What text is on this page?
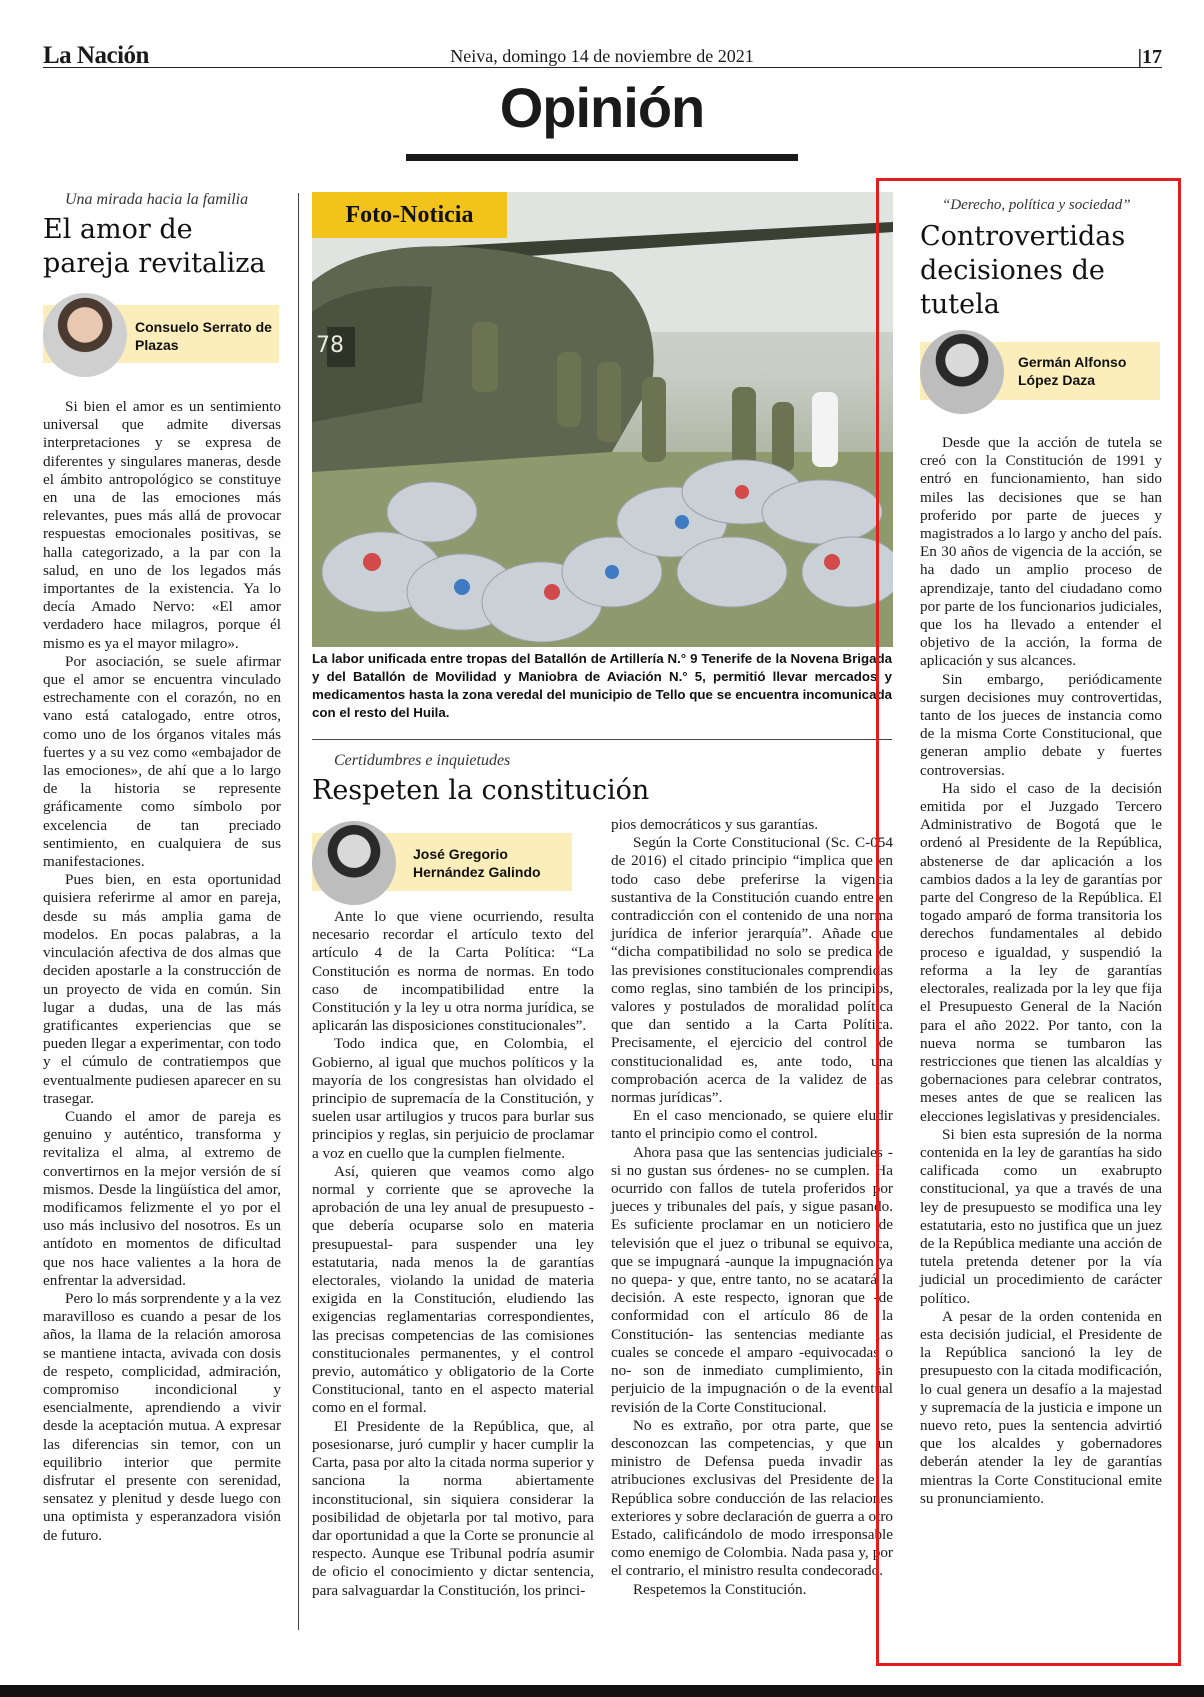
La Nación	Neiva, domingo 14 de noviembre de 2021	|17
Opinión
Una mirada hacia la familia
El amor de pareja revitaliza
Consuelo Serrato de Plazas

Si bien el amor es un sentimiento universal que admite diversas interpretaciones y se expresa de diferentes y singulares maneras, desde el ámbito antropológico se constituye en una de las emociones más relevantes, pues más allá de provocar respuestas emocionales positivas, se halla categorizado, a la par con la salud, en uno de los legados más importantes de la existencia. Ya lo decía Amado Nervo: «El amor verdadero hace milagros, porque él mismo es ya el mayor milagro».

Por asociación, se suele afirmar que el amor se encuentra vinculado estrechamente con el corazón, no en vano está catalogado, entre otros, como uno de los órganos vitales más fuertes y a su vez como «embajador de las emociones», de ahí que a lo largo de la historia se represente gráficamente como símbolo por excelencia de tan preciado sentimiento, en cualquiera de sus manifestaciones.

Pues bien, en esta oportunidad quisiera referirme al amor en pareja, desde su más amplia gama de modelos. En pocas palabras, a la vinculación afectiva de dos almas que deciden apostarle a la construcción de un proyecto de vida en común. Sin lugar a dudas, una de las más gratificantes experiencias que se pueden llegar a experimentar, con todo y el cúmulo de contratiempos que eventualmente pudiesen aparecer en su trasegar.

Cuando el amor de pareja es genuino y auténtico, transforma y revitaliza el alma, al extremo de convertirnos en la mejor versión de sí mismos. Desde la lingüística del amor, modificamos felizmente el yo por el uso más inclusivo del nosotros. Es un antídoto en momentos de dificultad que nos hace valientes a la hora de enfrentar la adversidad.

Pero lo más sorprendente y a la vez maravilloso es cuando a pesar de los años, la llama de la relación amorosa se mantiene intacta, avivada con dosis de respeto, complicidad, admiración, compromiso incondicional y esencialmente, aprendiendo a vivir desde la aceptación mutua. A expresar las diferencias sin temor, con un equilibrio interior que permite disfrutar el presente con serenidad, sensatez y plenitud y desde luego con una optimista y esperanzadora visión de futuro.

78
Foto-Noticia
La labor unificada entre tropas del Batallón de Artillería N.° 9 Tenerife de la Novena Brigada y del Batallón de Movilidad y Maniobra de Aviación N.° 5, permitió llevar mercados y medicamentos hasta la zona veredal del municipio de Tello que se encuentra incomunicada con el resto del Huila.
Certidumbres e inquietudes
Respeten la constitución
José Gregorio Hernández Galindo

Ante lo que viene ocurriendo, resulta necesario recordar el artículo texto del artículo 4 de la Carta Política: “La Constitución es norma de normas. En todo caso de incompatibilidad entre la Constitución y la ley u otra norma jurídica, se aplicarán las disposiciones constitucionales”.

Todo indica que, en Colombia, el Gobierno, al igual que muchos políticos y la mayoría de los congresistas han olvidado el principio de supremacía de la Constitución, y suelen usar artilugios y trucos para burlar sus principios y reglas, sin perjuicio de proclamar a voz en cuello que la cumplen fielmente.

Así, quieren que veamos como algo normal y corriente que se aproveche la aprobación de una ley anual de presupuesto -que debería ocuparse solo en materia presupuestal- para suspender una ley estatutaria, nada menos la de garantías electorales, violando la unidad de materia exigida en la Constitución, eludiendo las exigencias reglamentarias correspondientes, las precisas competencias de las comisiones constitucionales permanentes, y el control previo, automático y obligatorio de la Corte Constitucional, tanto en el aspecto material como en el formal.

El Presidente de la República, que, al posesionarse, juró cumplir y hacer cumplir la Carta, pasa por alto la citada norma superior y sanciona la norma abiertamente inconstitucional, sin siquiera considerar la posibilidad de objetarla por tal motivo, para dar oportunidad a que la Corte se pronuncie al respecto. Aunque ese Tribunal podría asumir de oficio el conocimiento y dictar sentencia, para salvaguardar la Constitución, los princi-

pios democráticos y sus garantías.

Según la Corte Constitucional (Sc. C-054 de 2016) el citado principio “implica que en todo caso debe preferirse la vigencia sustantiva de la Constitución cuando entre en contradicción con el contenido de una norma jurídica de inferior jerarquía”. Añade que “dicha compatibilidad no solo se predica de las previsiones constitucionales comprendidas como reglas, sino también de los principios, valores y postulados de moralidad política que dan sentido a la Carta Política. Precisamente, el ejercicio del control de constitucionalidad es, ante todo, una comprobación acerca de la validez de las normas jurídicas”.

En el caso mencionado, se quiere eludir tanto el principio como el control.

Ahora pasa que las sentencias judiciales -si no gustan sus órdenes- no se cumplen. Ha ocurrido con fallos de tutela proferidos por jueces y tribunales del país, y sigue pasando. Es suficiente proclamar en un noticiero de televisión que el juez o tribunal se equivoca, que se impugnará -aunque la impugnación ya no quepa- y que, entre tanto, no se acatará la decisión. A este respecto, ignoran que -de conformidad con el artículo 86 de la Constitución- las sentencias mediante las cuales se concede el amparo -equivocadas o no- son de inmediato cumplimiento, sin perjuicio de la impugnación o de la eventual revisión de la Corte Constitucional.

No es extraño, por otra parte, que se desconozcan las competencias, y que un ministro de Defensa pueda invadir las atribuciones exclusivas del Presidente de la República sobre conducción de las relaciones exteriores y sobre declaración de guerra a otro Estado, calificándolo de modo irresponsable como enemigo de Colombia. Nada pasa y, por el contrario, el ministro resulta condecorado.

Respetemos la Constitución.

“Derecho, política y sociedad”
Controvertidas decisiones de tutela
Germán Alfonso López Daza

Desde que la acción de tutela se creó con la Constitución de 1991 y entró en funcionamiento, han sido miles las decisiones que se han proferido por parte de jueces y magistrados a lo largo y ancho del país. En 30 años de vigencia de la acción, se ha dado un amplio proceso de aprendizaje, tanto del ciudadano como por parte de los funcionarios judiciales, que los ha llevado a entender el objetivo de la acción, la forma de aplicación y sus alcances.

Sin embargo, periódicamente surgen decisiones muy controvertidas, tanto de los jueces de instancia como de la misma Corte Constitucional, que generan amplio debate y fuertes controversias.

Ha sido el caso de la decisión emitida por el Juzgado Tercero Administrativo de Bogotá que le ordenó al Presidente de la República, abstenerse de dar aplicación a los cambios dados a la ley de garantías por parte del Congreso de la República. El togado amparó de forma transitoria los derechos fundamentales al debido proceso e igualdad, y suspendió la reforma a la ley de garantías electorales, realizada por la ley que fija el Presupuesto General de la Nación para el año 2022. Por tanto, con la nueva norma se tumbaron las restricciones que tienen las alcaldías y gobernaciones para celebrar contratos, meses antes de que se realicen las elecciones legislativas y presidenciales.

Si bien esta supresión de la norma contenida en la ley de garantías ha sido calificada como un exabrupto constitucional, ya que a través de una ley de presupuesto se modifica una ley estatutaria, esto no justifica que un juez de la República mediante una acción de tutela pretenda detener por la vía judicial un procedimiento de carácter político.

A pesar de la orden contenida en esta decisión judicial, el Presidente de la República sancionó la ley de presupuesto con la citada modificación, lo cual genera un desafío a la majestad y supremacía de la justicia e impone un nuevo reto, pues la sentencia advirtió que los alcaldes y gobernadores deberán atender la ley de garantías mientras la Corte Constitucional emite su pronunciamiento.
